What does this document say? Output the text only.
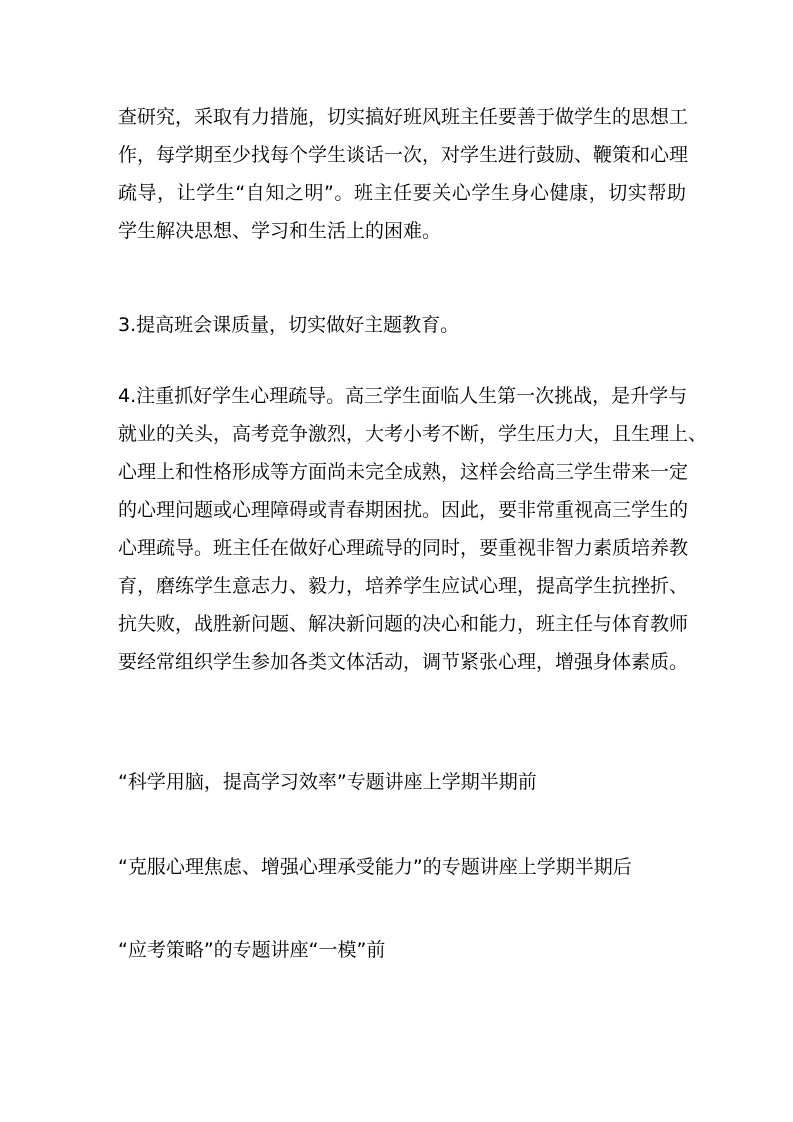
查研究，采取有力措施，切实搞好班风班主任要善于做学生的思想工
作，每学期至少找每个学生谈话一次，对学生进行鼓励、鞭策和心理
疏导，让学生“自知之明”。班主任要关心学生身心健康，切实帮助
学生解决思想、学习和生活上的困难。

3.提高班会课质量，切实做好主题教育。

4.注重抓好学生心理疏导。高三学生面临人生第一次挑战，是升学与
就业的关头，高考竞争激烈，大考小考不断，学生压力大，且生理上、
心理上和性格形成等方面尚未完全成熟，这样会给高三学生带来一定
的心理问题或心理障碍或青春期困扰。因此，要非常重视高三学生的
心理疏导。班主任在做好心理疏导的同时，要重视非智力素质培养教
育，磨练学生意志力、毅力，培养学生应试心理，提高学生抗挫折、
抗失败，战胜新问题、解决新问题的决心和能力，班主任与体育教师
要经常组织学生参加各类文体活动，调节紧张心理，增强身体素质。

“科学用脑，提高学习效率”专题讲座上学期半期前

“克服心理焦虑、增强心理承受能力”的专题讲座上学期半期后

“应考策略”的专题讲座“一模”前
